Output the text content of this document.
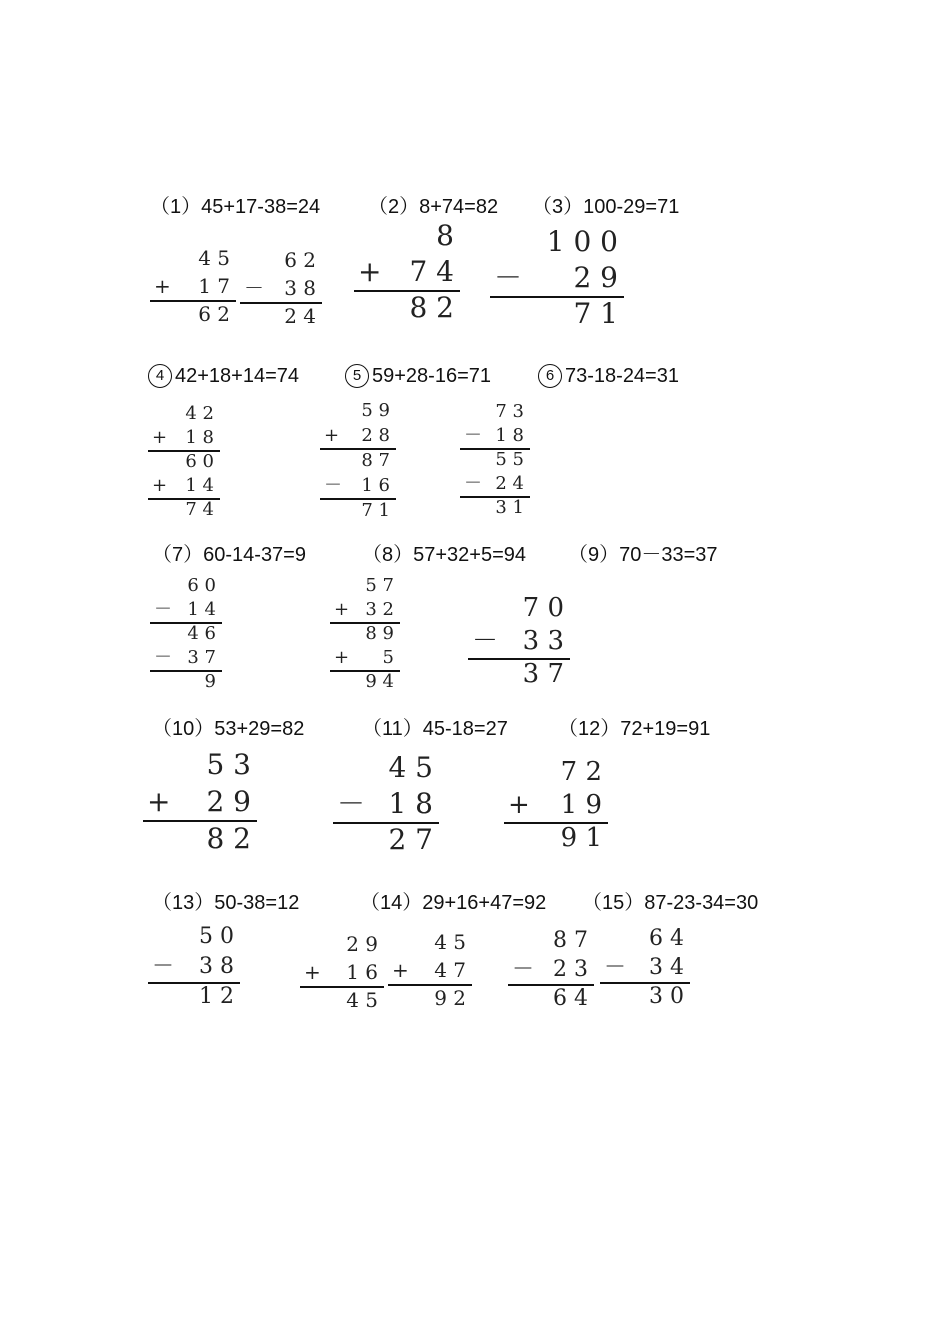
（1）45+17-38=24
4 5
+ 1 7
6 2
6 2
－ 3 8
2 4
（2）8+74=82
8
+ 7 4
8 2
（3）100-29=71
1 0 0
－ 2 9
7 1
4 42+18+14=74
4 2
+ 1 8
6 0
+ 1 4
7 4
5 59+28-16=71
5 9
+ 2 8
8 7
－ 1 6
7 1
6 73-18-24=31
7 3
－ 1 8
5 5
－ 2 4
3 1
（7）60-14-37=9
6 0
－ 1 4
4 6
－ 3 7
9
（8）57+32+5=94
5 7
+ 3 2
8 9
+ 5
9 4
（9）70－33=37
7 0
－ 3 3
3 7
（10）53+29=82
5 3
+ 2 9
8 2
（11）45-18=27
4 5
－ 1 8
2 7
（12）72+19=91
7 2
+ 1 9
9 1
（13）50-38=12
5 0
－ 3 8
1 2
（14）29+16+47=92
2 9
+ 1 6
4 5
4 5
+ 4 7
9 2
（15）87-23-34=30
8 7
－ 2 3
6 4
6 4
－ 3 4
3 0
